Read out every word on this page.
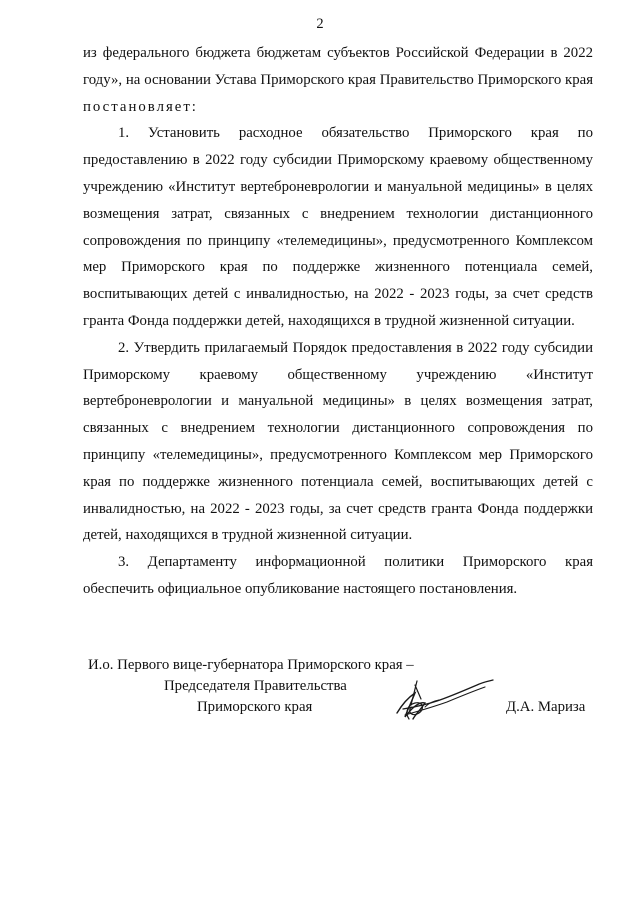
2

из федерального бюджета бюджетам субъектов Российской Федерации в 2022 году», на основании Устава Приморского края Правительство Приморского края постановляет:

1. Установить расходное обязательство Приморского края по предоставлению в 2022 году субсидии Приморскому краевому общественному учреждению «Институт вертеброневрологии и мануальной медицины» в целях возмещения затрат, связанных с внедрением технологии дистанционного сопровождения по принципу «телемедицины», предусмотренного Комплексом мер Приморского края по поддержке жизненного потенциала семей, воспитывающих детей с инвалидностью, на 2022 - 2023 годы, за счет средств гранта Фонда поддержки детей, находящихся в трудной жизненной ситуации.

2. Утвердить прилагаемый Порядок предоставления в 2022 году субсидии Приморскому краевому общественному учреждению «Институт вертеброневрологии и мануальной медицины» в целях возмещения затрат, связанных с внедрением технологии дистанционного сопровождения по принципу «телемедицины», предусмотренного Комплексом мер Приморского края по поддержке жизненного потенциала семей, воспитывающих детей с инвалидностью, на 2022 - 2023 годы, за счет средств гранта Фонда поддержки детей, находящихся в трудной жизненной ситуации.

3. Департаменту информационной политики Приморского края обеспечить официальное опубликование настоящего постановления.

И.о. Первого вице-губернатора Приморского края –
Председателя Правительства
Приморского края	Д.А. Мариза
